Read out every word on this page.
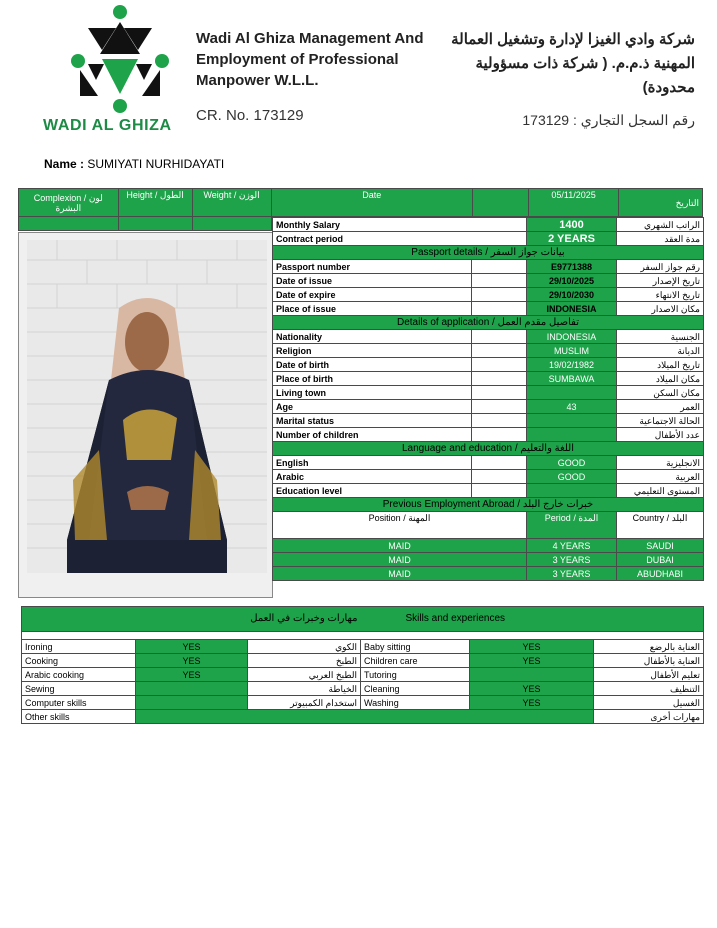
WADI AL GHIZA
Wadi Al Ghiza Management And
Employment of Professional
Manpower W.L.L.
CR. No. 173129
شركة وادي الغيزا لإدارة وتشغيل العمالة
المهنية ذ.م.م. ( شركة ذات مسؤولية
محدودة)
رقم السجل التجاري : 173129
Name : SUMIYATI NURHIDAYATI
Complexion / لون البشرة	Height / الطول	Weight / الوزن	Date		05/11/2025	التاريخ

Monthly Salary		1400	الراتب الشهري
Contract period		2 YEARS	مدة العقد
Passport details / بيانات جواز السفر			
Passport number		E9771388	رقم جواز السفر
Date of issue		29/10/2025	تاريخ الإصدار
Date of expire		29/10/2030	تاريخ الانتهاء
Place of issue		INDONESIA	مكان الاصدار
Details of application / تفاصيل مقدم العمل			
Nationality		INDONESIA	الجنسية
Religion		MUSLIM	الديانة
Date of birth		19/02/1982	تاريخ الميلاد
Place of birth		SUMBAWA	مكان الميلاد
Living town			مكان السكن
Age		43	العمر
Marital status			الحالة الاجتماعية
Number of children			عدد الأطفال
Language and education / اللغة والتعليم			
English		GOOD	الانجليزية
Arabic		GOOD	العربية
Education level			المستوى التعليمي
Previous Employment Abroad / خبرات خارج البلد			
Position / المهنة		Period / المدة	Country / البلد
MAID		4 YEARS	SAUDI
MAID		3 YEARS	DUBAI
MAID		3 YEARS	ABUDHABI
مهارات وخبرات في العمل			Skills and experiences		

Ironing	YES	الكوي	Baby sitting	YES	العناية بالرضع
Cooking	YES	الطبخ	Children care	YES	العناية بالأطفال
Arabic cooking	YES	الطبخ العربي	Tutoring		تعليم الأطفال
Sewing		الخياطة	Cleaning	YES	التنظيف
Computer skills		استخدام الكمبيوتر	Washing	YES	الغسيل
Other skills					مهارات أخرى
